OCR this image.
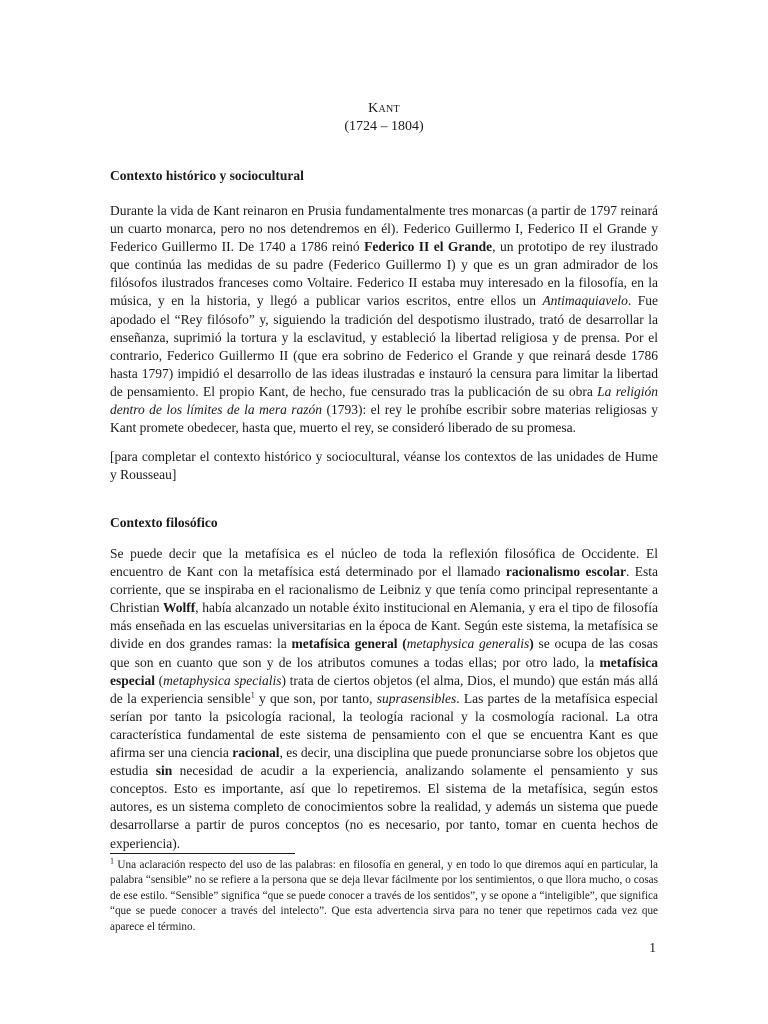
Kant
(1724 – 1804)
Contexto histórico y sociocultural

Durante la vida de Kant reinaron en Prusia fundamentalmente tres monarcas (a partir de 1797 reinará un cuarto monarca, pero no nos detendremos en él). Federico Guillermo I, Federico II el Grande y Federico Guillermo II. De 1740 a 1786 reinó Federico II el Grande, un prototipo de rey ilustrado que continúa las medidas de su padre (Federico Guillermo I) y que es un gran admirador de los filósofos ilustrados franceses como Voltaire. Federico II estaba muy interesado en la filosofía, en la música, y en la historia, y llegó a publicar varios escritos, entre ellos un Antimaquiavelo. Fue apodado el “Rey filósofo” y, siguiendo la tradición del despotismo ilustrado, trató de desarrollar la enseñanza, suprimió la tortura y la esclavitud, y estableció la libertad religiosa y de prensa. Por el contrario, Federico Guillermo II (que era sobrino de Federico el Grande y que reinará desde 1786 hasta 1797) impidió el desarrollo de las ideas ilustradas e instauró la censura para limitar la libertad de pensamiento. El propio Kant, de hecho, fue censurado tras la publicación de su obra La religión dentro de los límites de la mera razón (1793): el rey le prohíbe escribir sobre materias religiosas y Kant promete obedecer, hasta que, muerto el rey, se consideró liberado de su promesa.

[para completar el contexto histórico y sociocultural, véanse los contextos de las unidades de Hume y Rousseau]

Contexto filosófico

Se puede decir que la metafísica es el núcleo de toda la reflexión filosófica de Occidente. El encuentro de Kant con la metafísica está determinado por el llamado racionalismo escolar. Esta corriente, que se inspiraba en el racionalismo de Leibniz y que tenía como principal representante a Christian Wolff, había alcanzado un notable éxito institucional en Alemania, y era el tipo de filosofía más enseñada en las escuelas universitarias en la época de Kant. Según este sistema, la metafísica se divide en dos grandes ramas: la metafísica general (metaphysica generalis) se ocupa de las cosas que son en cuanto que son y de los atributos comunes a todas ellas; por otro lado, la metafísica especial (metaphysica specialis) trata de ciertos objetos (el alma, Dios, el mundo) que están más allá de la experiencia sensible$^1$ y que son, por tanto, suprasensibles. Las partes de la metafísica especial serían por tanto la psicología racional, la teología racional y la cosmología racional. La otra característica fundamental de este sistema de pensamiento con el que se encuentra Kant es que afirma ser una ciencia racional, es decir, una disciplina que puede pronunciarse sobre los objetos que estudia sin necesidad de acudir a la experiencia, analizando solamente el pensamiento y sus conceptos. Esto es importante, así que lo repetiremos. El sistema de la metafísica, según estos autores, es un sistema completo de conocimientos sobre la realidad, y además un sistema que puede desarrollarse a partir de puros conceptos (no es necesario, por tanto, tomar en cuenta hechos de experiencia).

$^1$ Una aclaración respecto del uso de las palabras: en filosofía en general, y en todo lo que diremos aquí en particular, la palabra “sensible” no se refiere a la persona que se deja llevar fácilmente por los sentimientos, o que llora mucho, o cosas de ese estilo. “Sensible” significa “que se puede conocer a través de los sentidos”, y se opone a “inteligible”, que significa “que se puede conocer a través del intelecto”. Que esta advertencia sirva para no tener que repetirnos cada vez que aparece el término.

1
